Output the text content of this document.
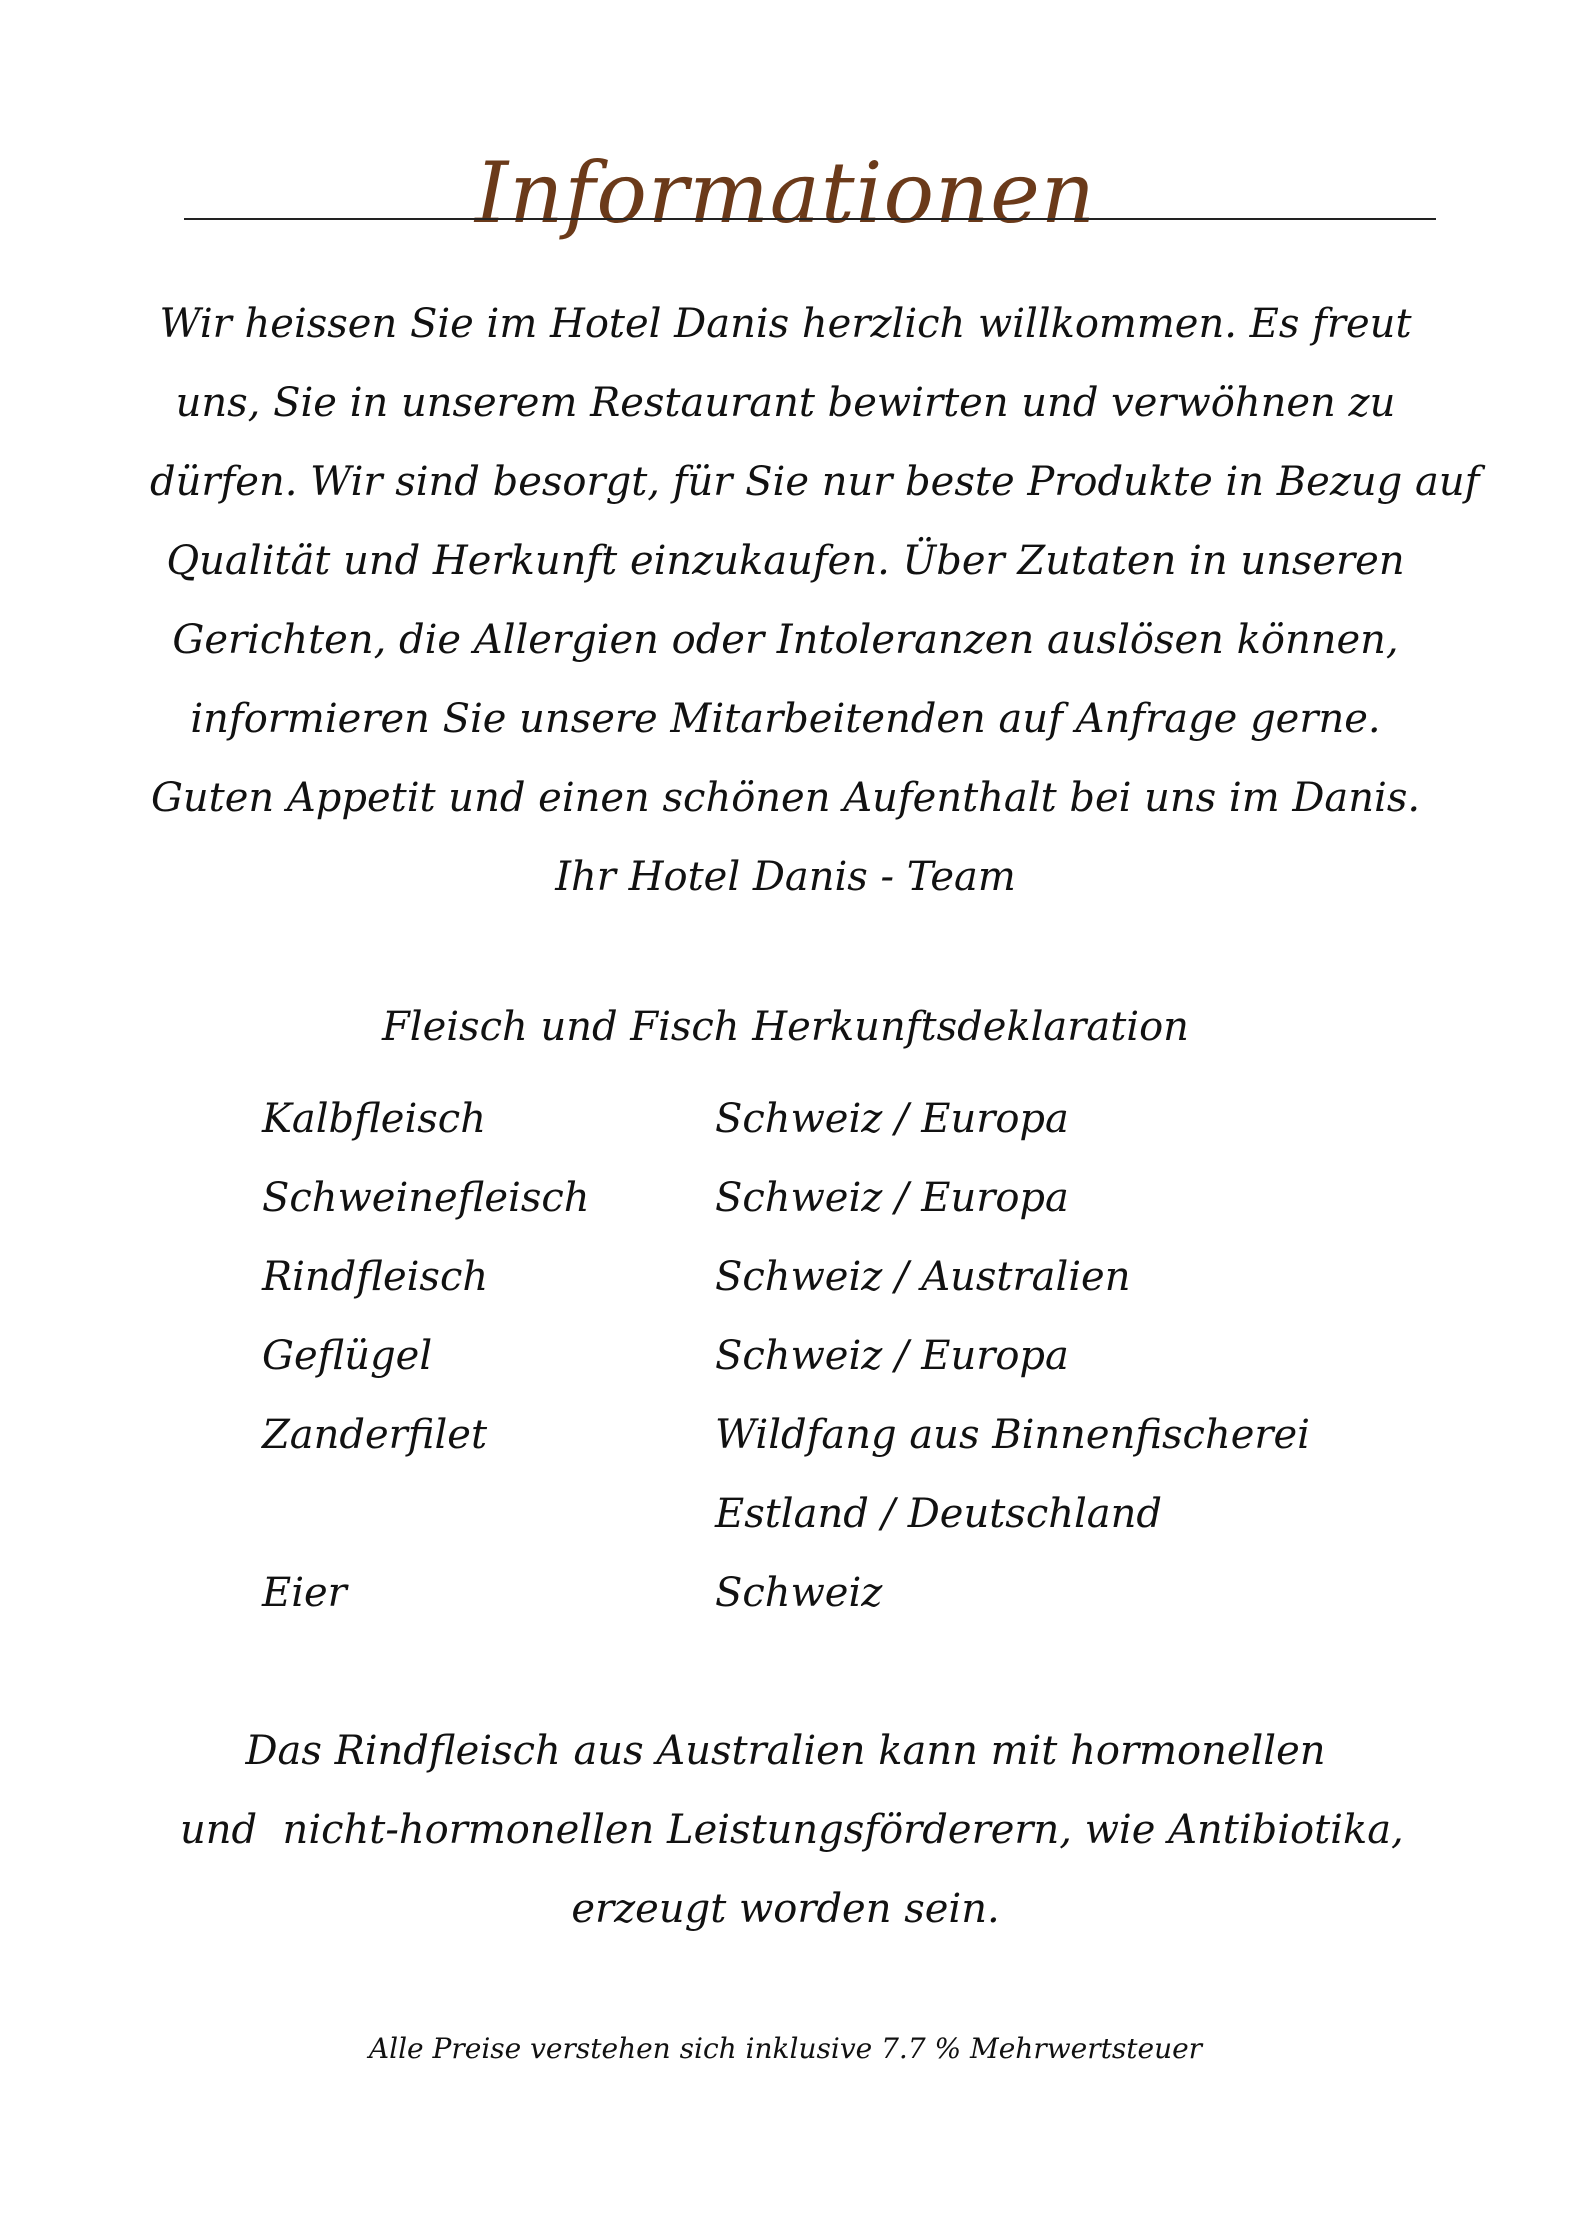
Informationen
Wir heissen Sie im Hotel Danis herzlich willkommen. Es freut
uns, Sie in unserem Restaurant bewirten und verwöhnen zu
dürfen. Wir sind besorgt, für Sie nur beste Produkte in Bezug auf
Qualität und Herkunft einzukaufen. Über Zutaten in unseren
Gerichten, die Allergien oder Intoleranzen auslösen können,
informieren Sie unsere Mitarbeitenden auf Anfrage gerne.
Guten Appetit und einen schönen Aufenthalt bei uns im Danis.
Ihr Hotel Danis - Team
Fleisch und Fisch Herkunftsdeklaration
Kalbfleisch	Schweiz / Europa
Schweinefleisch	Schweiz / Europa
Rindfleisch	Schweiz / Australien
Geflügel	Schweiz / Europa
Zanderfilet	Wildfang aus Binnenfischerei
Estland / Deutschland
Eier	Schweiz
Das Rindfleisch aus Australien kann mit hormonellen
und  nicht-hormonellen Leistungsförderern, wie Antibiotika,
erzeugt worden sein.
Alle Preise verstehen sich inklusive 7.7 % Mehrwertsteuer
